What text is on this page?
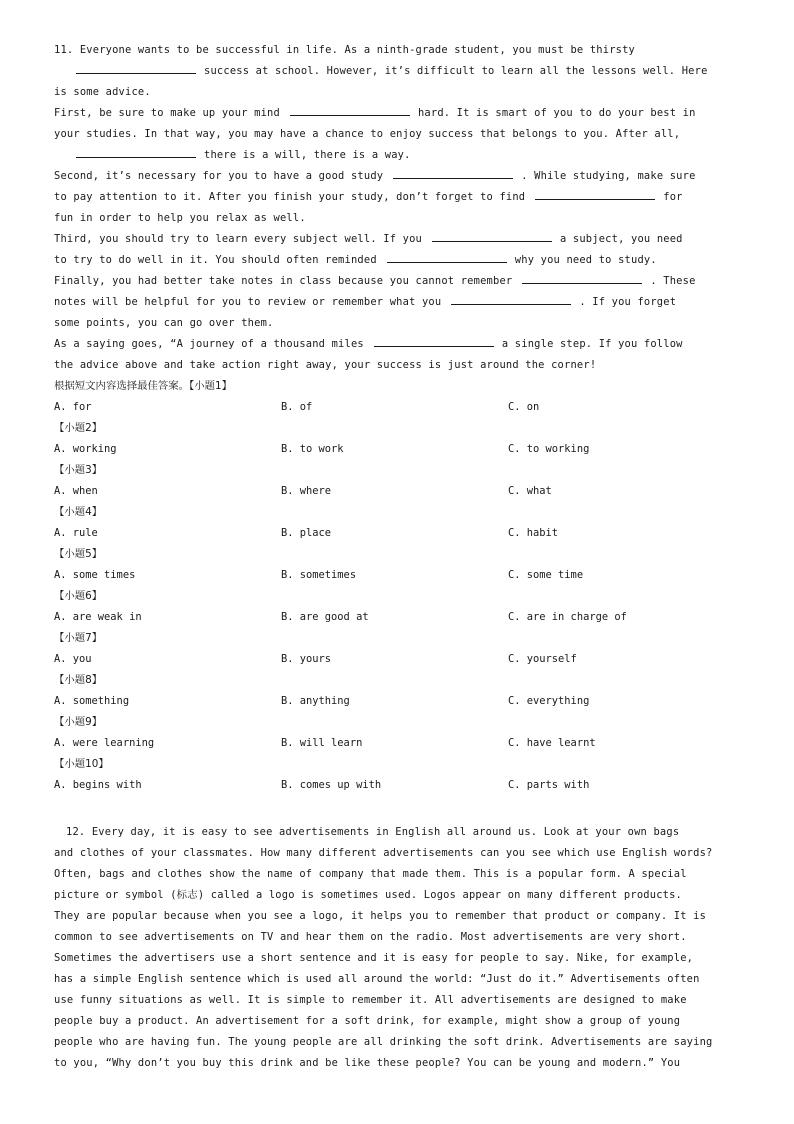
11. Everyone wants to be successful in life. As a ninth-grade student, you must be thirsty
success at school. However, it’s difficult to learn all the lessons well. Here
is some advice.
First, be sure to make up your mind	hard. It is smart of you to do your best in
your studies. In that way, you may have a chance to enjoy success that belongs to you. After all,
there is a will, there is a way.
Second, it’s necessary for you to have a good study	. While studying, make sure
to pay attention to it. After you finish your study, don’t forget to find	for
fun in order to help you relax as well.
Third, you should try to learn every subject well. If you	a subject, you need
to try to do well in it. You should often reminded	why you need to study.
Finally, you had better take notes in class because you cannot remember	. These
notes will be helpful for you to review or remember what you	. If you forget
some points, you can go over them.
As a saying goes, “A journey of a thousand miles	a single step. If you follow
the advice above and take action right away, your success is just around the corner!
根据短文内容选择最佳答案。【小题1】
A. for	B. of	C. on
【小题2】
A. working	B. to work	C. to working
【小题3】
A. when	B. where	C. what
【小题4】
A. rule	B. place	C. habit
【小题5】
A. some times	B. sometimes	C. some time
【小题6】
A. are weak in	B. are good at	C. are in charge of
【小题7】
A. you	B. yours	C. yourself
【小题8】
A. something	B. anything	C. everything
【小题9】
A. were learning	B. will learn	C. have learnt
【小题10】
A. begins with	B. comes up with	C. parts with
12. Every day, it is easy to see advertisements in English all around us. Look at your own bags
and clothes of your classmates. How many different advertisements can you see which use English words?
Often, bags and clothes show the name of company that made them. This is a popular form. A special
picture or symbol (标志) called a logo is sometimes used. Logos appear on many different products.
They are popular because when you see a logo, it helps you to remember that product or company. It is
common to see advertisements on TV and hear them on the radio. Most advertisements are very short.
Sometimes the advertisers use a short sentence and it is easy for people to say. Nike, for example,
has a simple English sentence which is used all around the world: “Just do it.” Advertisements often
use funny situations as well. It is simple to remember it. All advertisements are designed to make
people buy a product. An advertisement for a soft drink, for example, might show a group of young
people who are having fun. The young people are all drinking the soft drink. Advertisements are saying
to you, “Why don’t you buy this drink and be like these people? You can be young and modern.” You
